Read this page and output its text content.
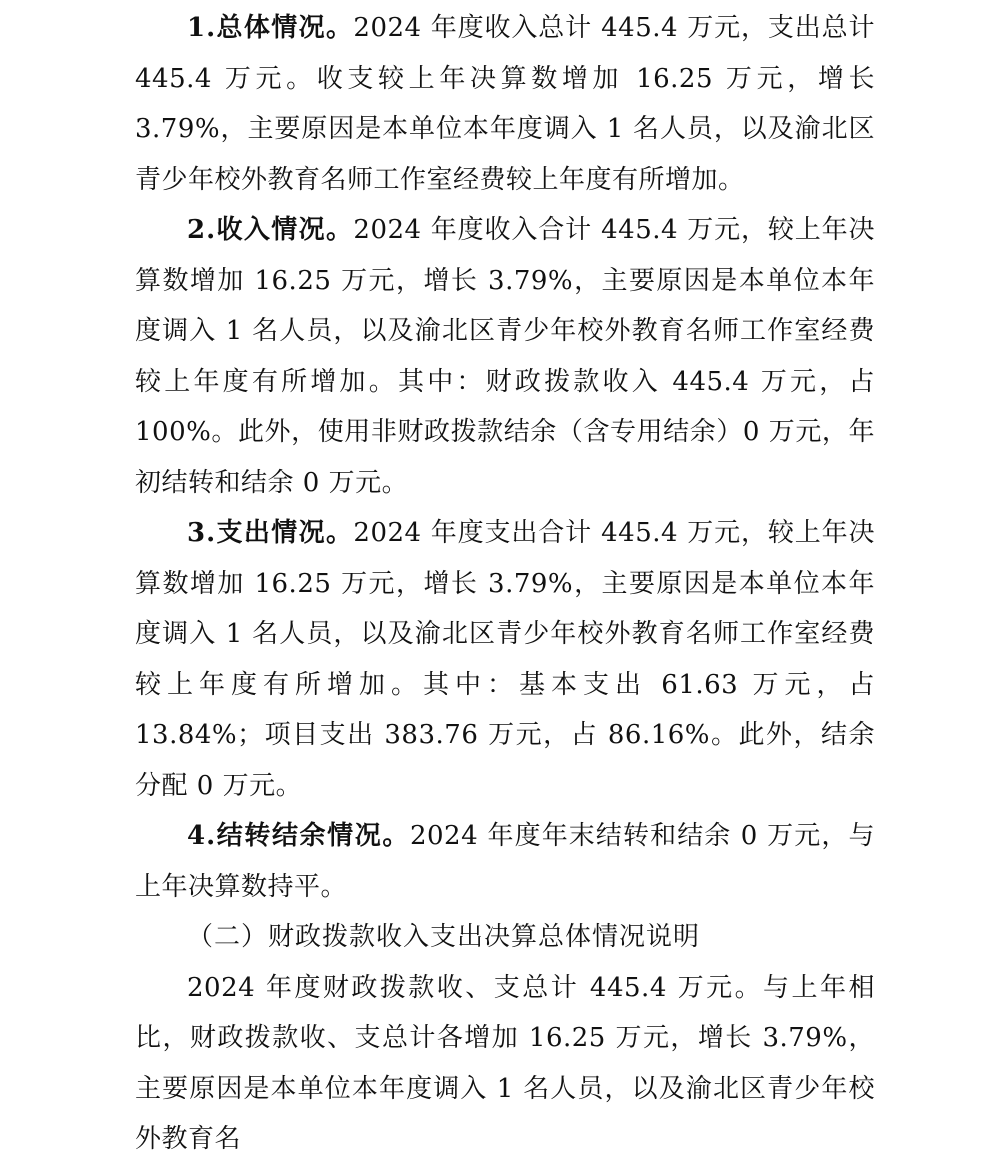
1.总体情况。2024 年度收入总计 445.4 万元，支出总计 445.4 万元。收支较上年决算数增加 16.25 万元，增长 3.79%，主要原因是本单位本年度调入 1 名人员，以及渝北区青少年校外教育名师工作室经费较上年度有所增加。

2.收入情况。2024 年度收入合计 445.4 万元，较上年决算数增加 16.25 万元，增长 3.79%，主要原因是本单位本年度调入 1 名人员，以及渝北区青少年校外教育名师工作室经费较上年度有所增加。其中：财政拨款收入 445.4 万元，占 100%。此外，使用非财政拨款结余（含专用结余）0 万元，年初结转和结余 0 万元。

3.支出情况。2024 年度支出合计 445.4 万元，较上年决算数增加 16.25 万元，增长 3.79%，主要原因是本单位本年度调入 1 名人员，以及渝北区青少年校外教育名师工作室经费较上年度有所增加。其中：基本支出 61.63 万元，占 13.84%；项目支出 383.76 万元，占 86.16%。此外，结余分配 0 万元。

4.结转结余情况。2024 年度年末结转和结余 0 万元，与上年决算数持平。

（二）财政拨款收入支出决算总体情况说明

2024 年度财政拨款收、支总计 445.4 万元。与上年相比，财政拨款收、支总计各增加 16.25 万元，增长 3.79%，主要原因是本单位本年度调入 1 名人员，以及渝北区青少年校外教育名
